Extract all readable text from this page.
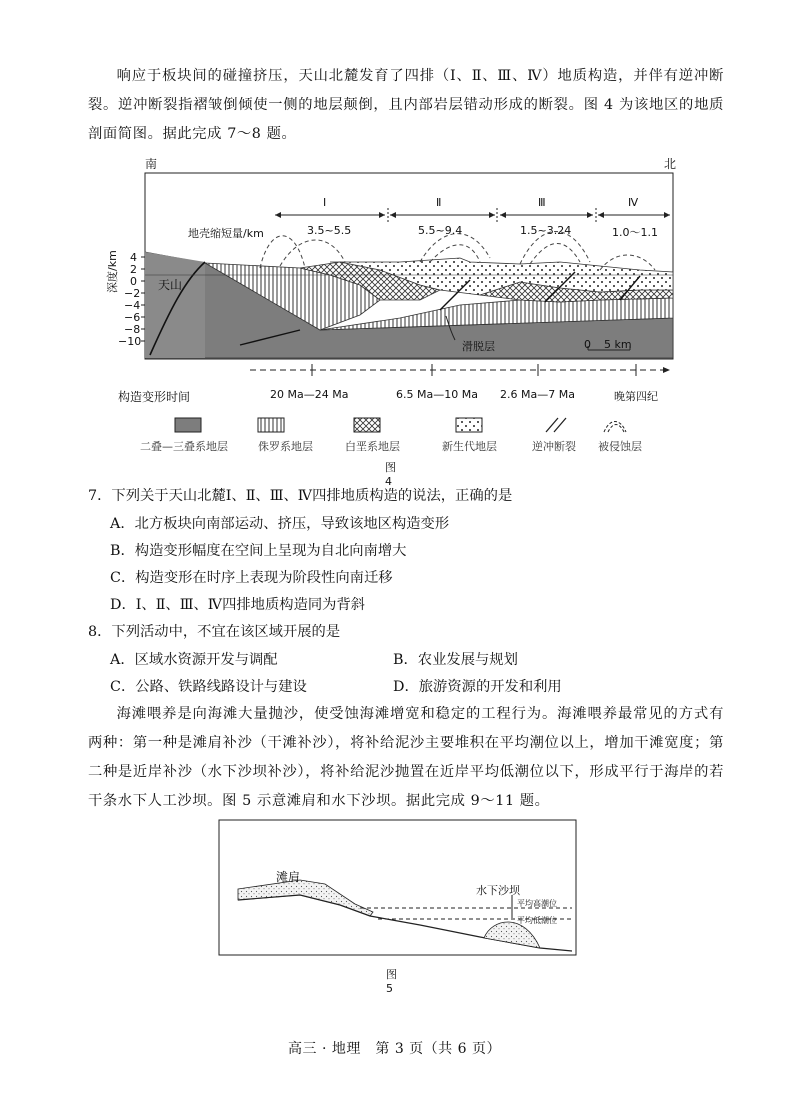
响应于板块间的碰撞挤压，天山北麓发育了四排（Ⅰ、Ⅱ、Ⅲ、Ⅳ）地质构造，并伴有逆冲断裂。逆冲断裂指褶皱倒倾使一侧的地层颠倒，且内部岩层错动形成的断裂。图 4 为该地区的地质剖面简图。据此完成 7～8 题。
南	北
地壳缩短量/km
Ⅰ
3.5~5.5
Ⅱ
5.5~9.4
Ⅲ
1.5~3.24
Ⅳ
1.0～1.1
深度/km 4
2
0
−2
−4
−6
−8
−10
天山
滑脱层	0 5 km
构造变形时间	20 Ma—24 Ma	6.5 Ma—10 Ma 2.6 Ma—7 Ma	晚第四纪
二叠—三叠系地层	侏罗系地层	白垩系地层	新生代地层	逆冲断裂 被侵蚀层
图 4
7．下列关于天山北麓Ⅰ、Ⅱ、Ⅲ、Ⅳ四排地质构造的说法，正确的是
A．北方板块向南部运动、挤压，导致该地区构造变形
B．构造变形幅度在空间上呈现为自北向南增大
C．构造变形在时序上表现为阶段性向南迁移
D．Ⅰ、Ⅱ、Ⅲ、Ⅳ四排地质构造同为背斜
8．下列活动中，不宜在该区域开展的是
A．区域水资源开发与调配	B．农业发展与规划
C．公路、铁路线路设计与建设	D．旅游资源的开发和利用
海滩喂养是向海滩大量抛沙，使受蚀海滩增宽和稳定的工程行为。海滩喂养最常见的方式有两种：第一种是滩肩补沙（干滩补沙），将补给泥沙主要堆积在平均潮位以上，增加干滩宽度；第二种是近岸补沙（水下沙坝补沙），将补给泥沙抛置在近岸平均低潮位以下，形成平行于海岸的若干条水下人工沙坝。图 5 示意滩肩和水下沙坝。据此完成 9～11 题。
滩肩
水下沙坝
平均高潮位
平均低潮位
图 5
高三 · 地理　第 3 页（共 6 页）
